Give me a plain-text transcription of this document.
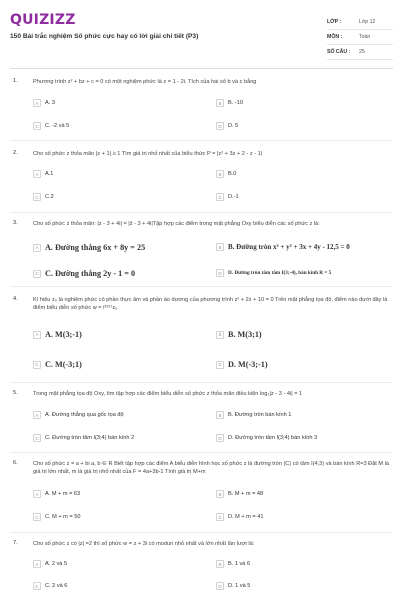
QUIZIZZ
150 Bài trắc nghiệm Số phức cực hay có lời giải chi tiết (P3)
LỚP :	Lớp 12
MÔN :	Toán
SỐ CÂU :	25
1.	Phương trình z² + bz + c = 0 có một nghiệm phức là z = 1 - 2i. Tích của hai số b và c bằng
A	A. 3	B	B. -10
C	C. -2 và 5	D	D. 5
2.	Cho số phức z thỏa mãn |z + 1| ≥ 1 Tìm giá trị nhỏ nhất của biểu thức P = |z² + 3z + 2 - z - 1|
A	A.1	B	B.0
C	C.2	D	D.-1
3.	Cho số phức z thỏa mãn: |z - 3 + 4i| = |z̄ - 3 + 4i|Tập hợp các điểm trong mặt phẳng Oxy biểu diễn các số phức z là:
A A. Đường thẳng 6x + 8y = 25	B B. Đường tròn x² + y² + 3x + 4y - 12,5 = 0
C C. Đường thẳng 2y - 1 = 0	D	D. Đường tròn tâm tâm I(3;-4), bán kính R = 5
4.	Kí hiệu z₀ là nghiệm phức có phần thực âm và phần ảo dương của phương trình z² + 2z + 10 = 0 Trên mặt phẳng tọa độ, điểm nào dưới đây là điểm biểu diễn số phức w = i²⁰¹⁷z₀
A A. M(3;-1)	B B. M(3;1)
C C. M(-3;1)	D D. M(-3;-1)
5.	Trong mặt phẳng tọa độ Oxy, tìm tập hợp các điểm biểu diễn số phức z thỏa mãn điều kiện log₂|z - 3 - 4i| = 1
A	A. Đường thẳng qua gốc tọa độ	B	B. Đường tròn bán kính 1
C	C. Đường tròn tâm I(3;4) bán kính 2	D	D. Đường tròn tâm I(3;4) bán kính 3
6.	Cho số phức z = a + bi a, b ∈ R Biết tập hợp các điểm A biểu diễn hình học số phức z là đường tròn (C) có tâm I(4;3) và bán kính R=3 Đặt M là giá trị lớn nhất, m là giá trị nhỏ nhất của F = 4a+3b-1 Tính giá trị M+m
A	A. M + m = 63	B	B. M + m = 48
C	C. M + m = 50	D	D. M + m = 41
7.	Cho số phức z có |z| =2 thì số phức w = z + 3i có modun nhỏ nhất và lớn nhất lần lượt là:
A	A. 2 và 5	B	B. 1 và 6
C	C. 2 và 6	D	D. 1 và 5
